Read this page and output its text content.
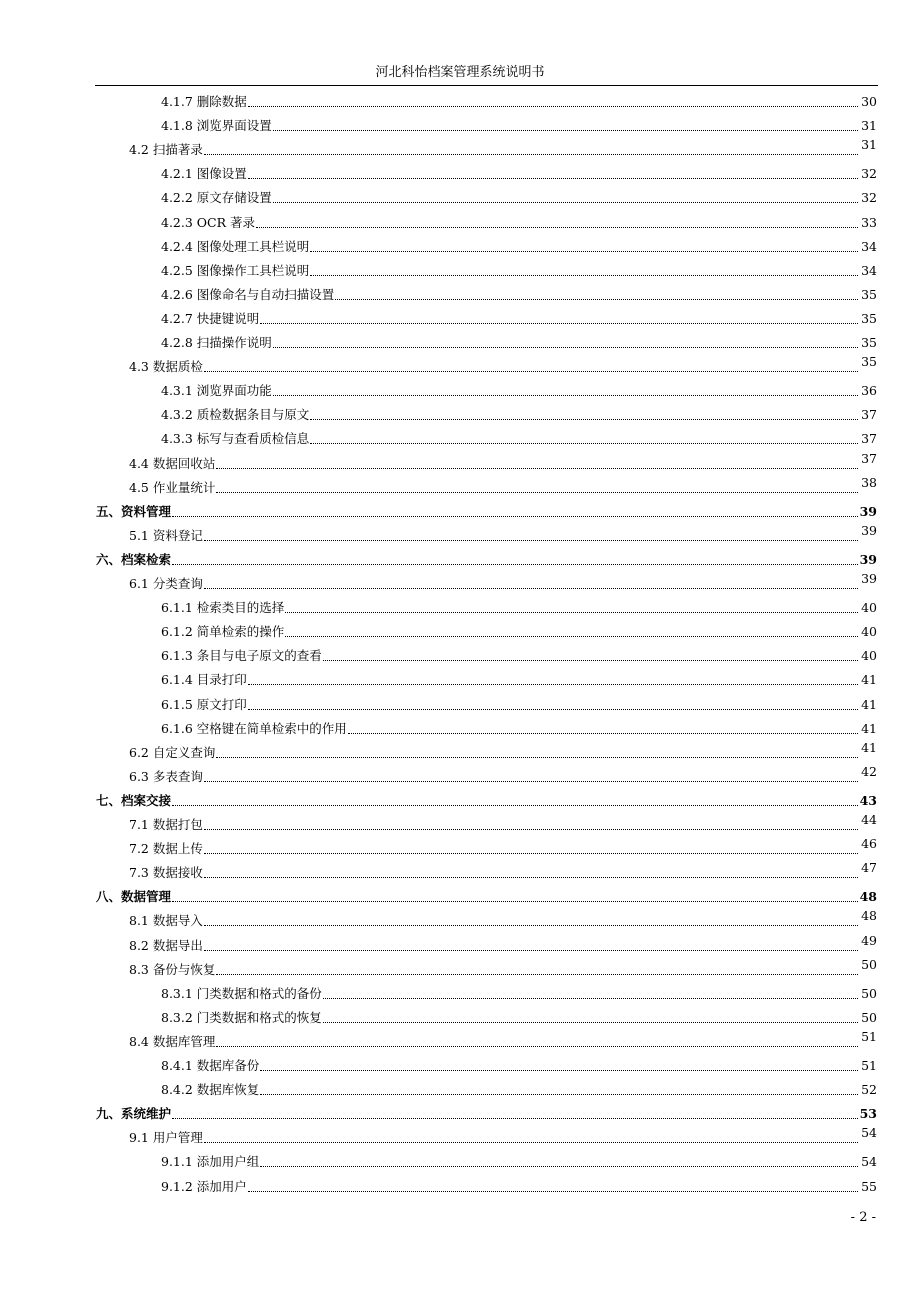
河北科怡档案管理系统说明书
4.1.7 删除数据	30
4.1.8 浏览界面设置	31
4.2 扫描著录	31
4.2.1 图像设置	32
4.2.2 原文存储设置	32
4.2.3 OCR 著录	33
4.2.4 图像处理工具栏说明	34
4.2.5 图像操作工具栏说明	34
4.2.6 图像命名与自动扫描设置	35
4.2.7 快捷键说明	35
4.2.8 扫描操作说明	35
4.3 数据质检	35
4.3.1 浏览界面功能	36
4.3.2 质检数据条目与原文	37
4.3.3 标写与查看质检信息	37
4.4 数据回收站	37
4.5 作业量统计	38
五、资料管理	39
5.1 资料登记	39
六、档案检索	39
6.1 分类查询	39
6.1.1 检索类目的选择	40
6.1.2 简单检索的操作	40
6.1.3 条目与电子原文的查看	40
6.1.4 目录打印	41
6.1.5 原文打印	41
6.1.6 空格键在简单检索中的作用	41
6.2 自定义查询	41
6.3 多表查询	42
七、档案交接	43
7.1 数据打包	44
7.2 数据上传	46
7.3 数据接收	47
八、数据管理	48
8.1 数据导入	48
8.2 数据导出	49
8.3 备份与恢复	50
8.3.1 门类数据和格式的备份	50
8.3.2 门类数据和格式的恢复	50
8.4 数据库管理	51
8.4.1 数据库备份	51
8.4.2 数据库恢复	52
九、系统维护	53
9.1 用户管理	54
9.1.1 添加用户组	54
9.1.2 添加用户	55
- 2 -
